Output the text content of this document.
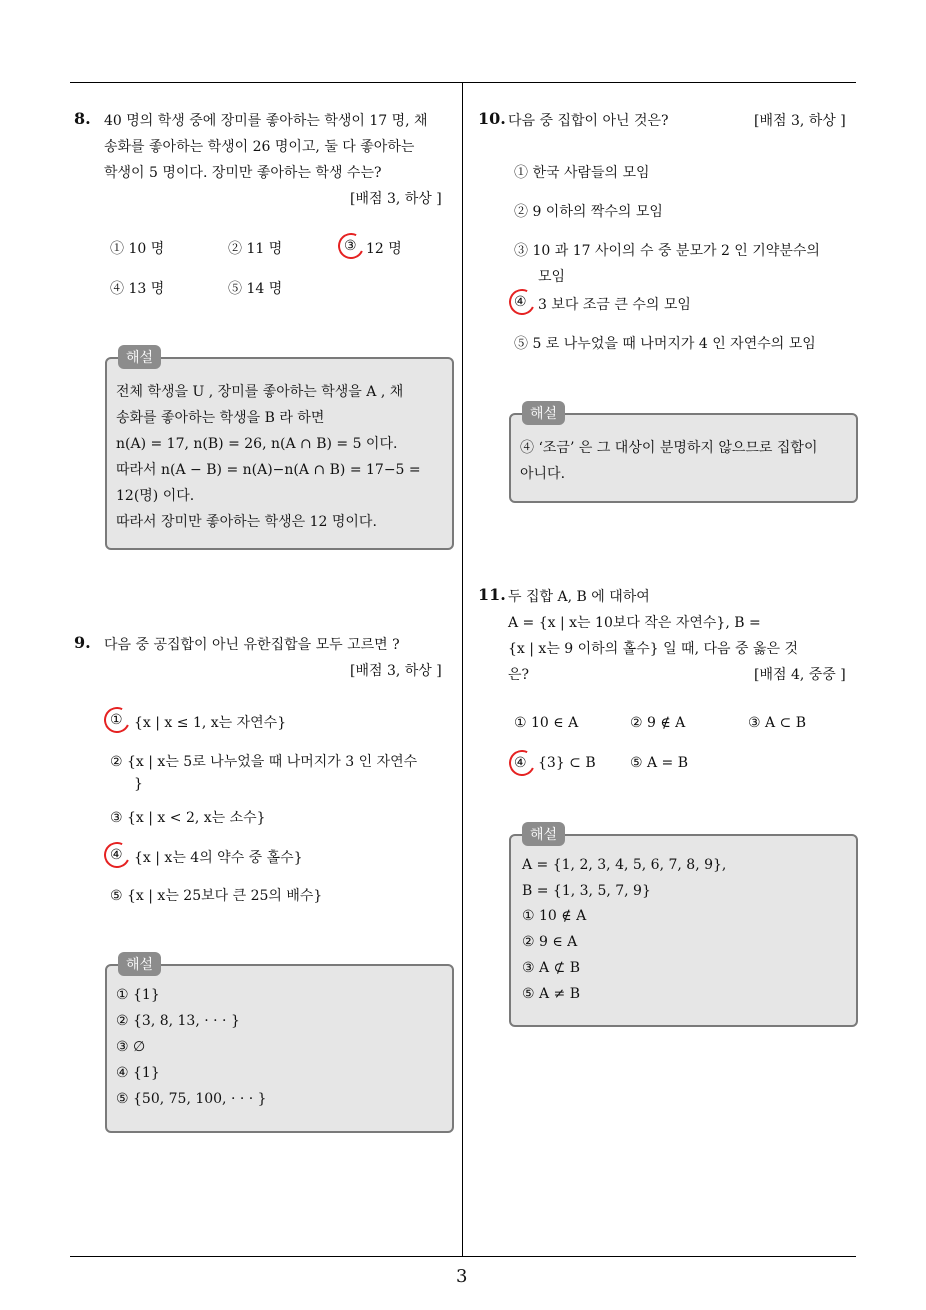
3
8. 40 명의 학생 중에 장미를 좋아하는 학생이 17 명, 채
송화를 좋아하는 학생이 26 명이고, 둘 다 좋아하는
학생이 5 명이다. 장미만 좋아하는 학생 수는?
[배점 3, 하상 ]
① 10 명	② 11 명	③ 12 명
④ 13 명	⑤ 14 명
해설
전체 학생을 U , 장미를 좋아하는 학생을 A , 채
송화를 좋아하는 학생을 B 라 하면
n(A) = 17, n(B) = 26, n(A ∩ B) = 5 이다.
따라서 n(A − B) = n(A)−n(A ∩ B) = 17−5 =
12(명) 이다.
따라서 장미만 좋아하는 학생은 12 명이다.
9. 다음 중 공집합이 아닌 유한집합을 모두 고르면 ?
[배점 3, 하상 ]
① {x | x ≤ 1, x는 자연수}
② {x | x는 5로 나누었을 때 나머지가 3 인 자연수
}
③ {x | x < 2, x는 소수}
④ {x | x는 4의 약수 중 홀수}
⑤ {x | x는 25보다 큰 25의 배수}
해설
① {1}
② {3, 8, 13, · · · }
③ ∅
④ {1}
⑤ {50, 75, 100, · · · }
10. 다음 중 집합이 아닌 것은?	[배점 3, 하상 ]
① 한국 사람들의 모임
② 9 이하의 짝수의 모임
③ 10 과 17 사이의 수 중 분모가 2 인 기약분수의
모임
④ 3 보다 조금 큰 수의 모임
⑤ 5 로 나누었을 때 나머지가 4 인 자연수의 모임
해설
④ ‘조금’ 은 그 대상이 분명하지 않으므로 집합이
아니다.
11. 두 집합 A, B 에 대하여
A = {x | x는 10보다 작은 자연수}, B =
{x | x는 9 이하의 홀수} 일 때, 다음 중 옳은 것
은?	[배점 4, 중중 ]
① 10 ∈ A	② 9 ∉ A	③ A ⊂ B
④ {3} ⊂ B ⑤ A = B
해설
A = {1, 2, 3, 4, 5, 6, 7, 8, 9},
B = {1, 3, 5, 7, 9}
① 10 ∉ A
② 9 ∈ A
③ A ⊄ B
⑤ A ≠ B
